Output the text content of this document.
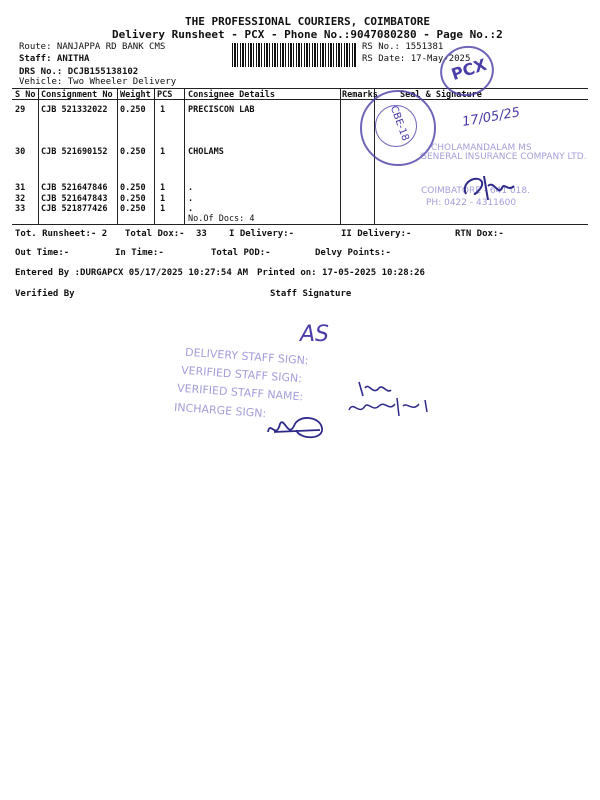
THE PROFESSIONAL COURIERS, COIMBATORE
Delivery Runsheet - PCX - Phone No.:9047080280 - Page No.:2
Route: NANJAPPA RD BANK CMS
Staff: ANITHA
DRS No.: DCJB155138102
Vehicle: Two Wheeler Delivery
RS No.: 1551381
RS Date: 17-May-2025
S No Consignment No Weight PCS Consignee Details	Remarks	Seal & Signature
29 CJB 521332022 0.250 1	PRECISCON LAB
30 CJB 521690152 0.250 1	CHOLAMS
31 CJB 521647846 0.250 1	.
32 CJB 521647843 0.250 1	.
33 CJB 521877426 0.250 1	.
No.Of Docs: 4
Tot. Runsheet:- 2 Total Dox:- 33 I Delivery:-	II Delivery:-	RTN Dox:-
Out Time:-	In Time:-	Total POD:-	Delvy Points:-
Entered By :DURGAPCX 05/17/2025 10:27:54 AM Printed on: 17-05-2025 10:28:26
Verified By	Staff Signature
PCX
CBE-18	17/05/25
CHOLAMANDALAM MS
GENERAL INSURANCE COMPANY LTD.
COIMBATORE - 641 018.
PH: 0422 - 4311600
AS
DELIVERY STAFF SIGN:
VERIFIED STAFF SIGN:
VERIFIED STAFF NAME:
INCHARGE SIGN:
